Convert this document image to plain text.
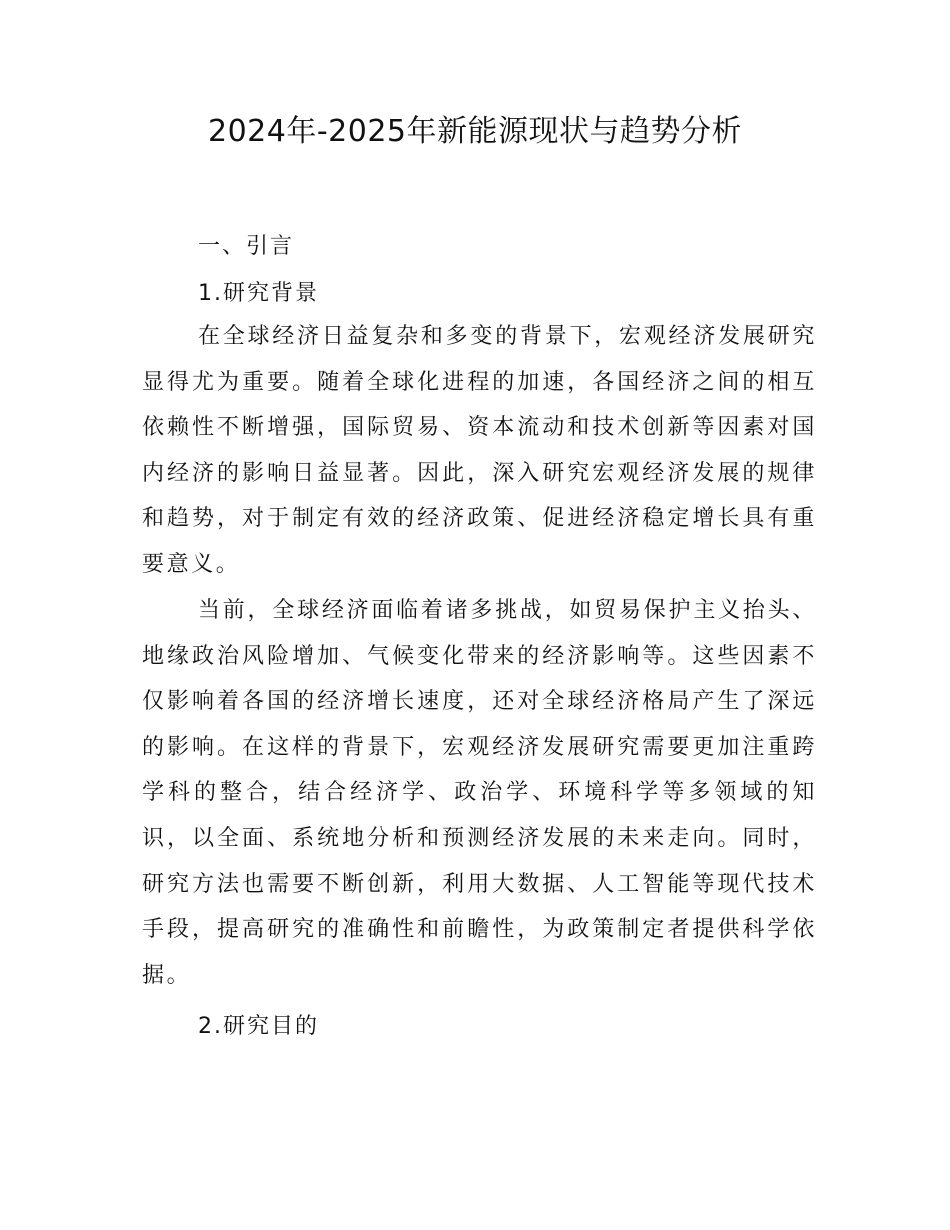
2024年-2025年新能源现状与趋势分析
一、引言
1.研究背景

在全球经济日益复杂和多变的背景下，宏观经济发展研究显得尤为重要。随着全球化进程的加速，各国经济之间的相互依赖性不断增强，国际贸易、资本流动和技术创新等因素对国内经济的影响日益显著。因此，深入研究宏观经济发展的规律和趋势，对于制定有效的经济政策、促进经济稳定增长具有重要意义。

当前，全球经济面临着诸多挑战，如贸易保护主义抬头、地缘政治风险增加、气候变化带来的经济影响等。这些因素不仅影响着各国的经济增长速度，还对全球经济格局产生了深远的影响。在这样的背景下，宏观经济发展研究需要更加注重跨学科的整合，结合经济学、政治学、环境科学等多领域的知识，以全面、系统地分析和预测经济发展的未来走向。同时，研究方法也需要不断创新，利用大数据、人工智能等现代技术手段，提高研究的准确性和前瞻性，为政策制定者提供科学依据。

2.研究目的
